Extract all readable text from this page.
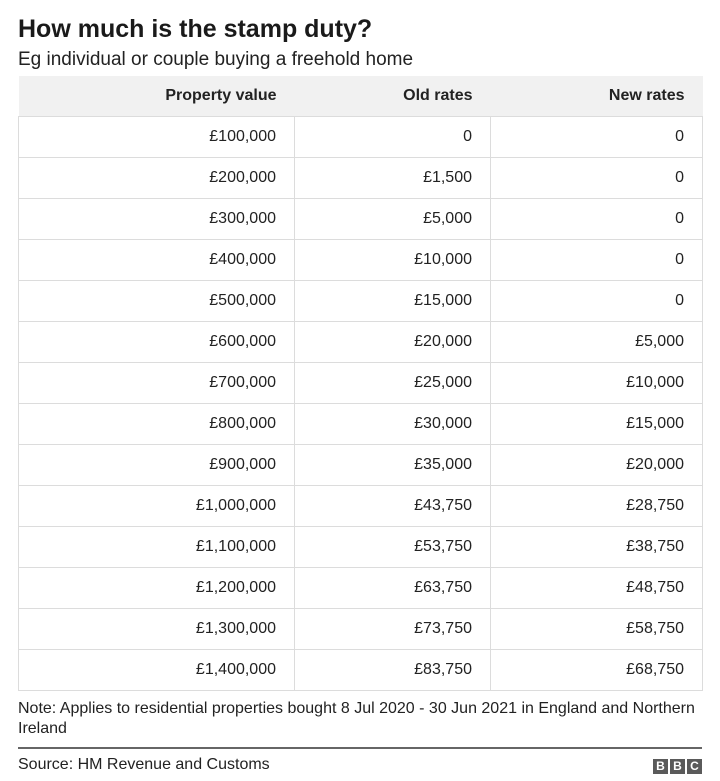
How much is the stamp duty?
Eg individual or couple buying a freehold home
Property value	Old rates	New rates
£100,000	0	0
£200,000	£1,500	0
£300,000	£5,000	0
£400,000	£10,000	0
£500,000	£15,000	0
£600,000	£20,000	£5,000
£700,000	£25,000	£10,000
£800,000	£30,000	£15,000
£900,000	£35,000	£20,000
£1,000,000	£43,750	£28,750
£1,100,000	£53,750	£38,750
£1,200,000	£63,750	£48,750
£1,300,000	£73,750	£58,750
£1,400,000	£83,750	£68,750
Note: Applies to residential properties bought 8 Jul 2020 - 30 Jun 2021 in England and Northern Ireland
Source: HM Revenue and Customs	B B C
